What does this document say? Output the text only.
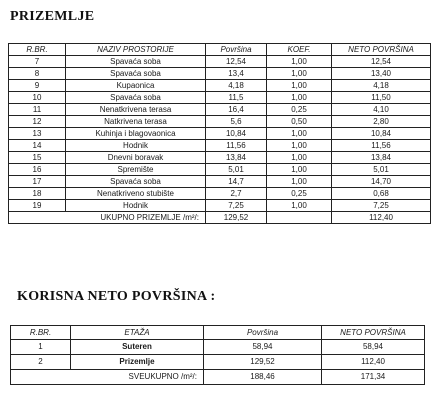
PRIZEMLJE
R.BR.	NAZIV PROSTORIJE	Površina	KOEF.	NETO POVRŠINA
7	Spavaća soba	12,54	1,00	12,54
8	Spavaća soba	13,4	1,00	13,40
9	Kupaonica	4,18	1,00	4,18
10	Spavaća soba	11,5	1,00	11,50
11	Nenatkrivena terasa	16,4	0,25	4,10
12	Natkrivena terasa	5,6	0,50	2,80
13	Kuhinja i blagovaonica	10,84	1,00	10,84
14	Hodnik	11,56	1,00	11,56
15	Dnevni boravak	13,84	1,00	13,84
16	Spremište	5,01	1,00	5,01
17	Spavaća soba	14,7	1,00	14,70
18	Nenatkriveno stubište	2,7	0,25	0,68
19	Hodnik	7,25	1,00	7,25
UKUPNO PRIZEMLJE /m²/:		129,52		112,40
KORISNA NETO POVRŠINA :
R.BR.	ETAŽA	Površina	NETO POVRŠINA
1	Suteren	58,94	58,94
2	Prizemlje	129,52	112,40
SVEUKUPNO /m²/:		188,46	171,34
